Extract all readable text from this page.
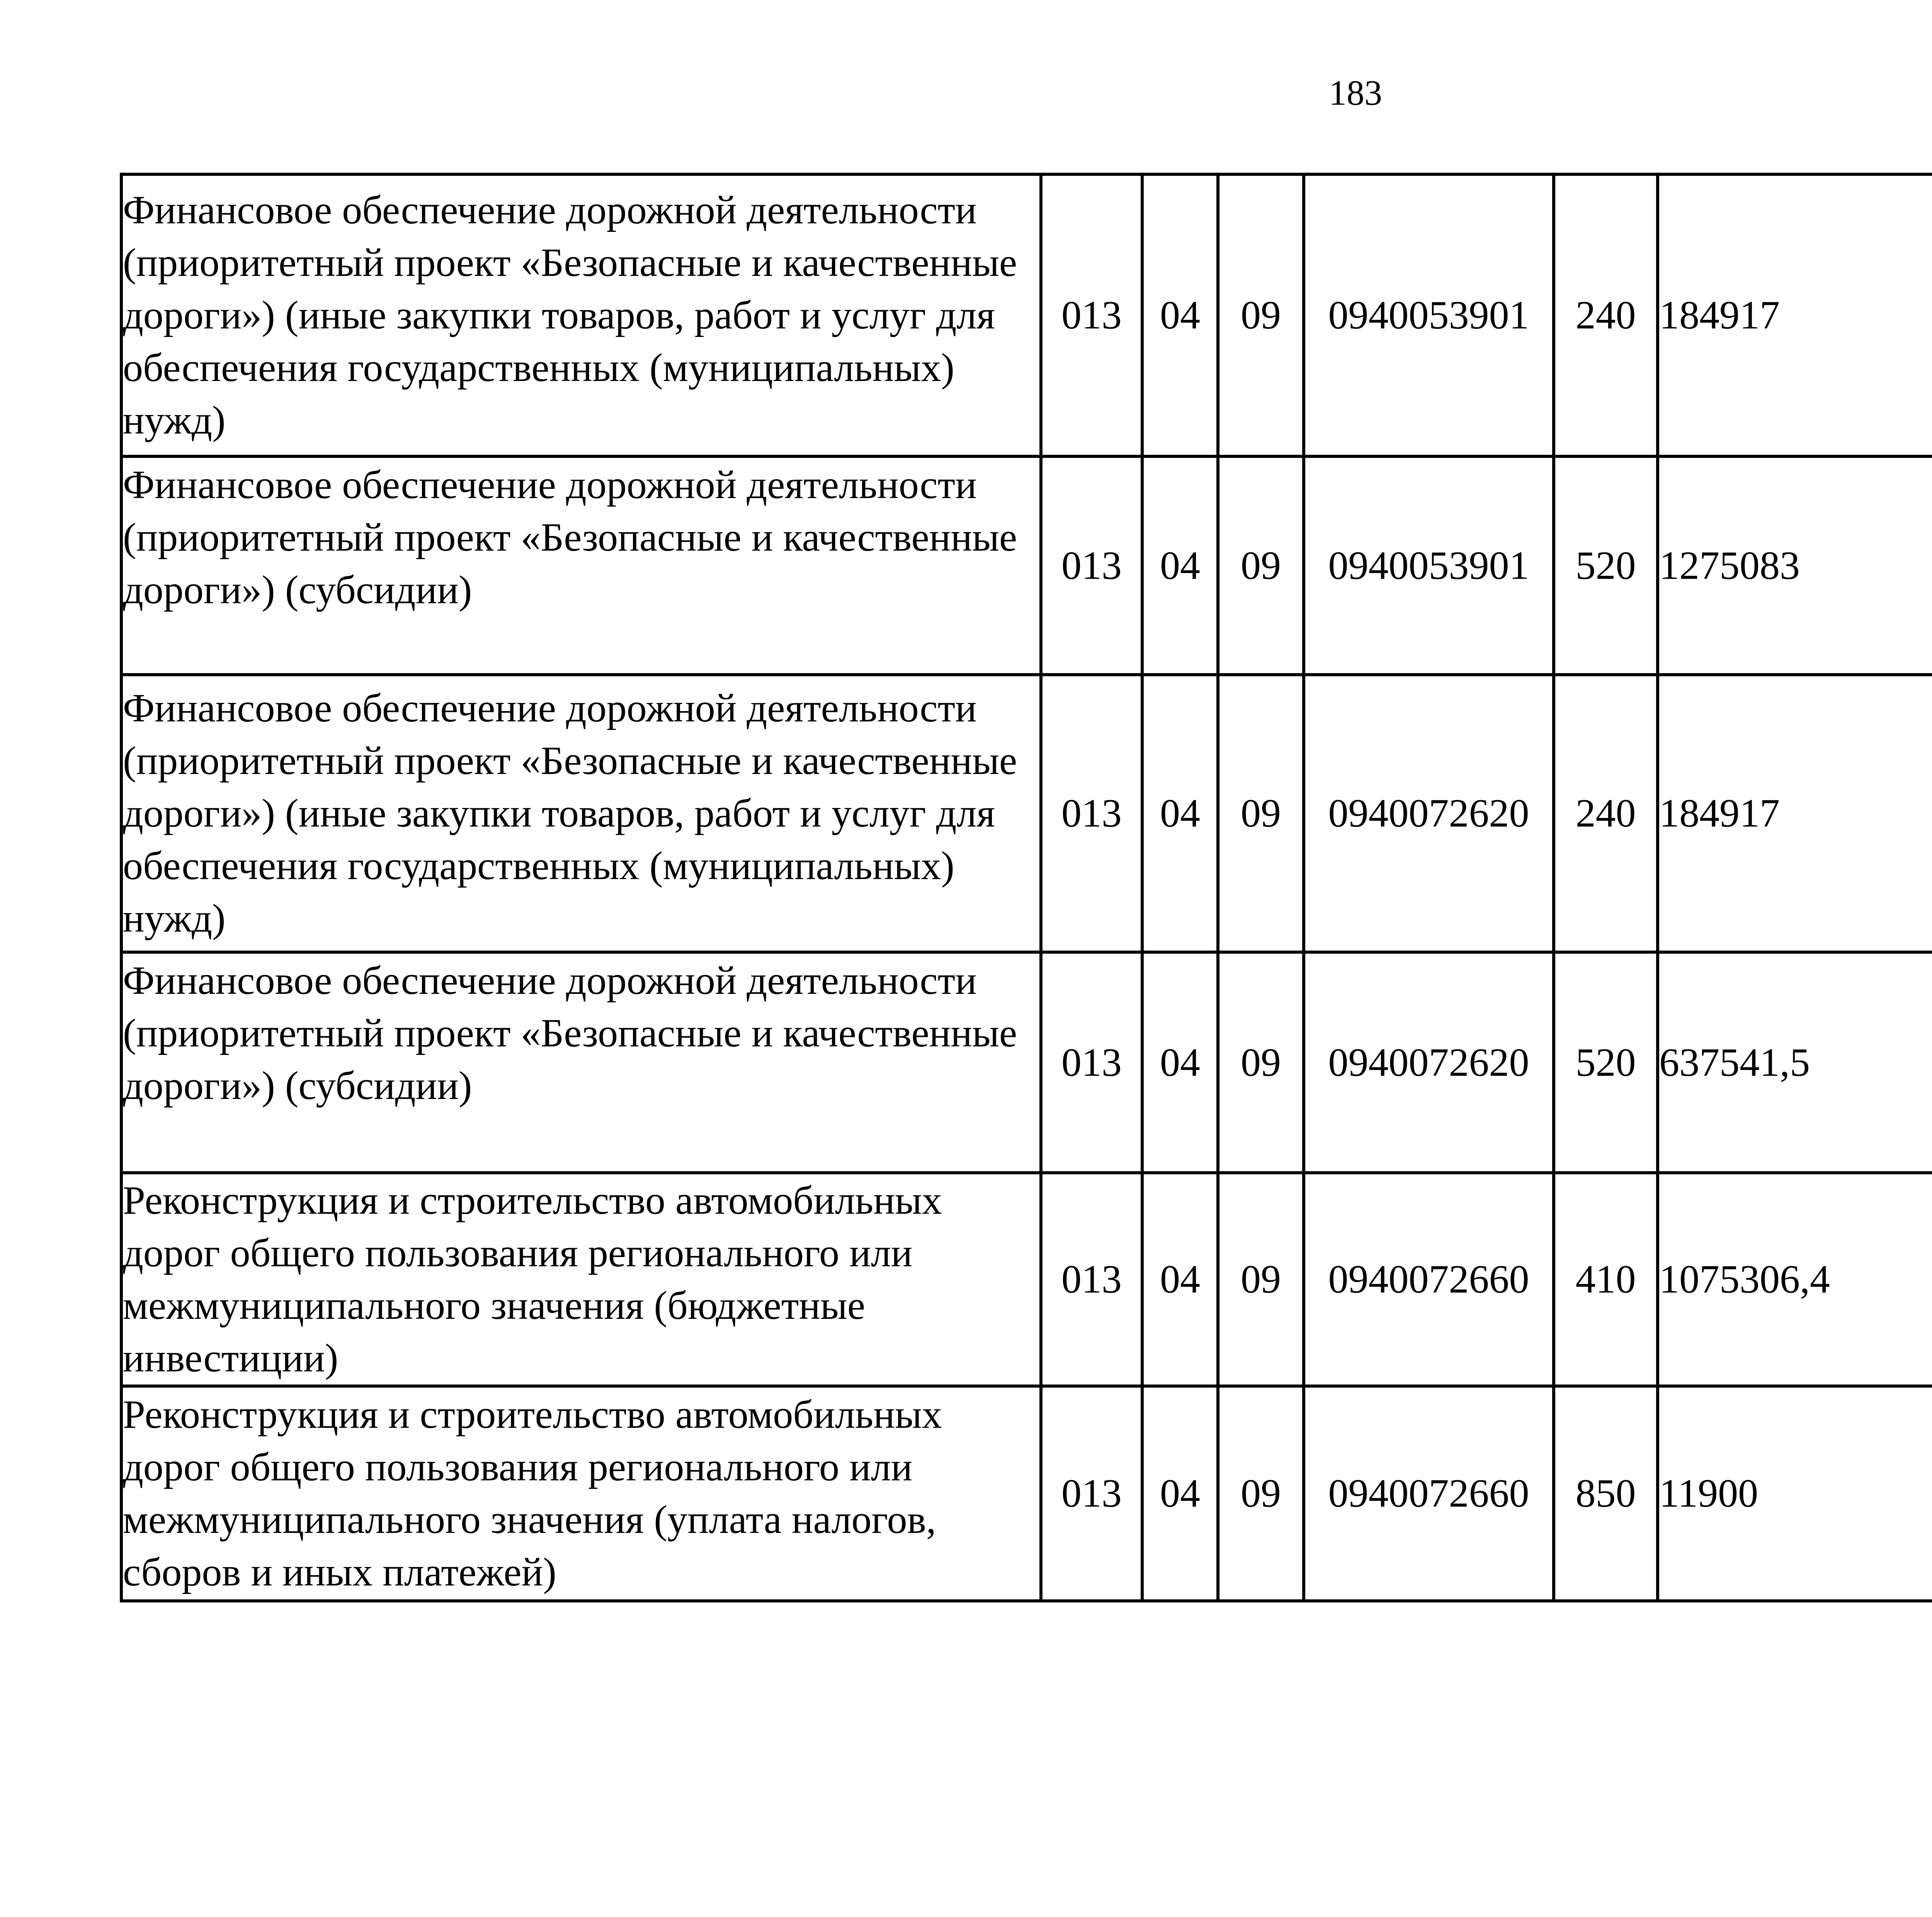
183
Финансовое обеспечение дорожной деятельности (приоритетный проект «Безопасные и качественные дороги») (иные закупки товаров, работ и услуг для обеспечения государственных (муниципальных) нужд)	013	04	09	0940053901	240	184917		
Финансовое обеспечение дорожной деятельности (приоритетный проект «Безопасные и качественные дороги») (субсидии)	013	04	09	0940053901	520	1275083		
Финансовое обеспечение дорожной деятельности (приоритетный проект «Безопасные и качественные дороги») (иные закупки товаров, работ и услуг для обеспечения государственных (муниципальных) нужд)	013	04	09	0940072620	240	184917		
Финансовое обеспечение дорожной деятельности (приоритетный проект «Безопасные и качественные дороги») (субсидии)	013	04	09	0940072620	520	637541,5		
Реконструкция и строительство автомобильных дорог общего пользования регионального или межмуниципального значения (бюджетные инвестиции)	013	04	09	0940072660	410	1075306,4		
Реконструкция и строительство автомобильных дорог общего пользования регионального или межмуниципального значения (уплата налогов, сборов и иных платежей)	013	04	09	0940072660	850	11900		
